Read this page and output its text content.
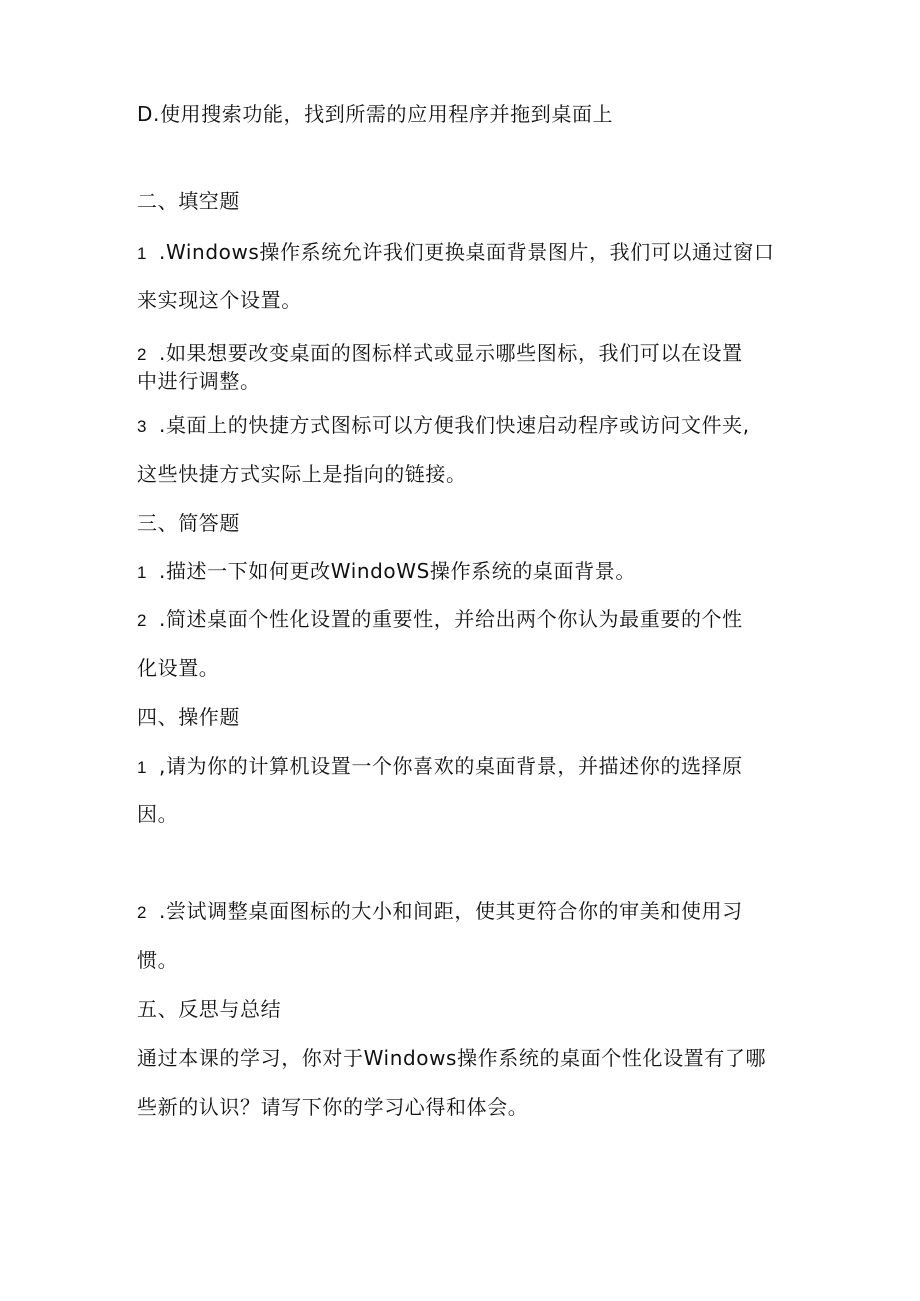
D.使用搜索功能，找到所需的应用程序并拖到桌面上
二、填空题
1 .Windows操作系统允许我们更换桌面背景图片，我们可以通过窗口
来实现这个设置。
2 .如果想要改变桌面的图标样式或显示哪些图标，我们可以在设置
中进行调整。
3 .桌面上的快捷方式图标可以方便我们快速启动程序或访问文件夹,
这些快捷方式实际上是指向的链接。
三、简答题
1 .描述一下如何更改WindoWS操作系统的桌面背景。
2 .简述桌面个性化设置的重要性，并给出两个你认为最重要的个性
化设置。
四、操作题
1 ,请为你的计算机设置一个你喜欢的桌面背景，并描述你的选择原
因。
2 .尝试调整桌面图标的大小和间距，使其更符合你的审美和使用习
惯。
五、反思与总结
通过本课的学习，你对于Windows操作系统的桌面个性化设置有了哪
些新的认识？请写下你的学习心得和体会。
